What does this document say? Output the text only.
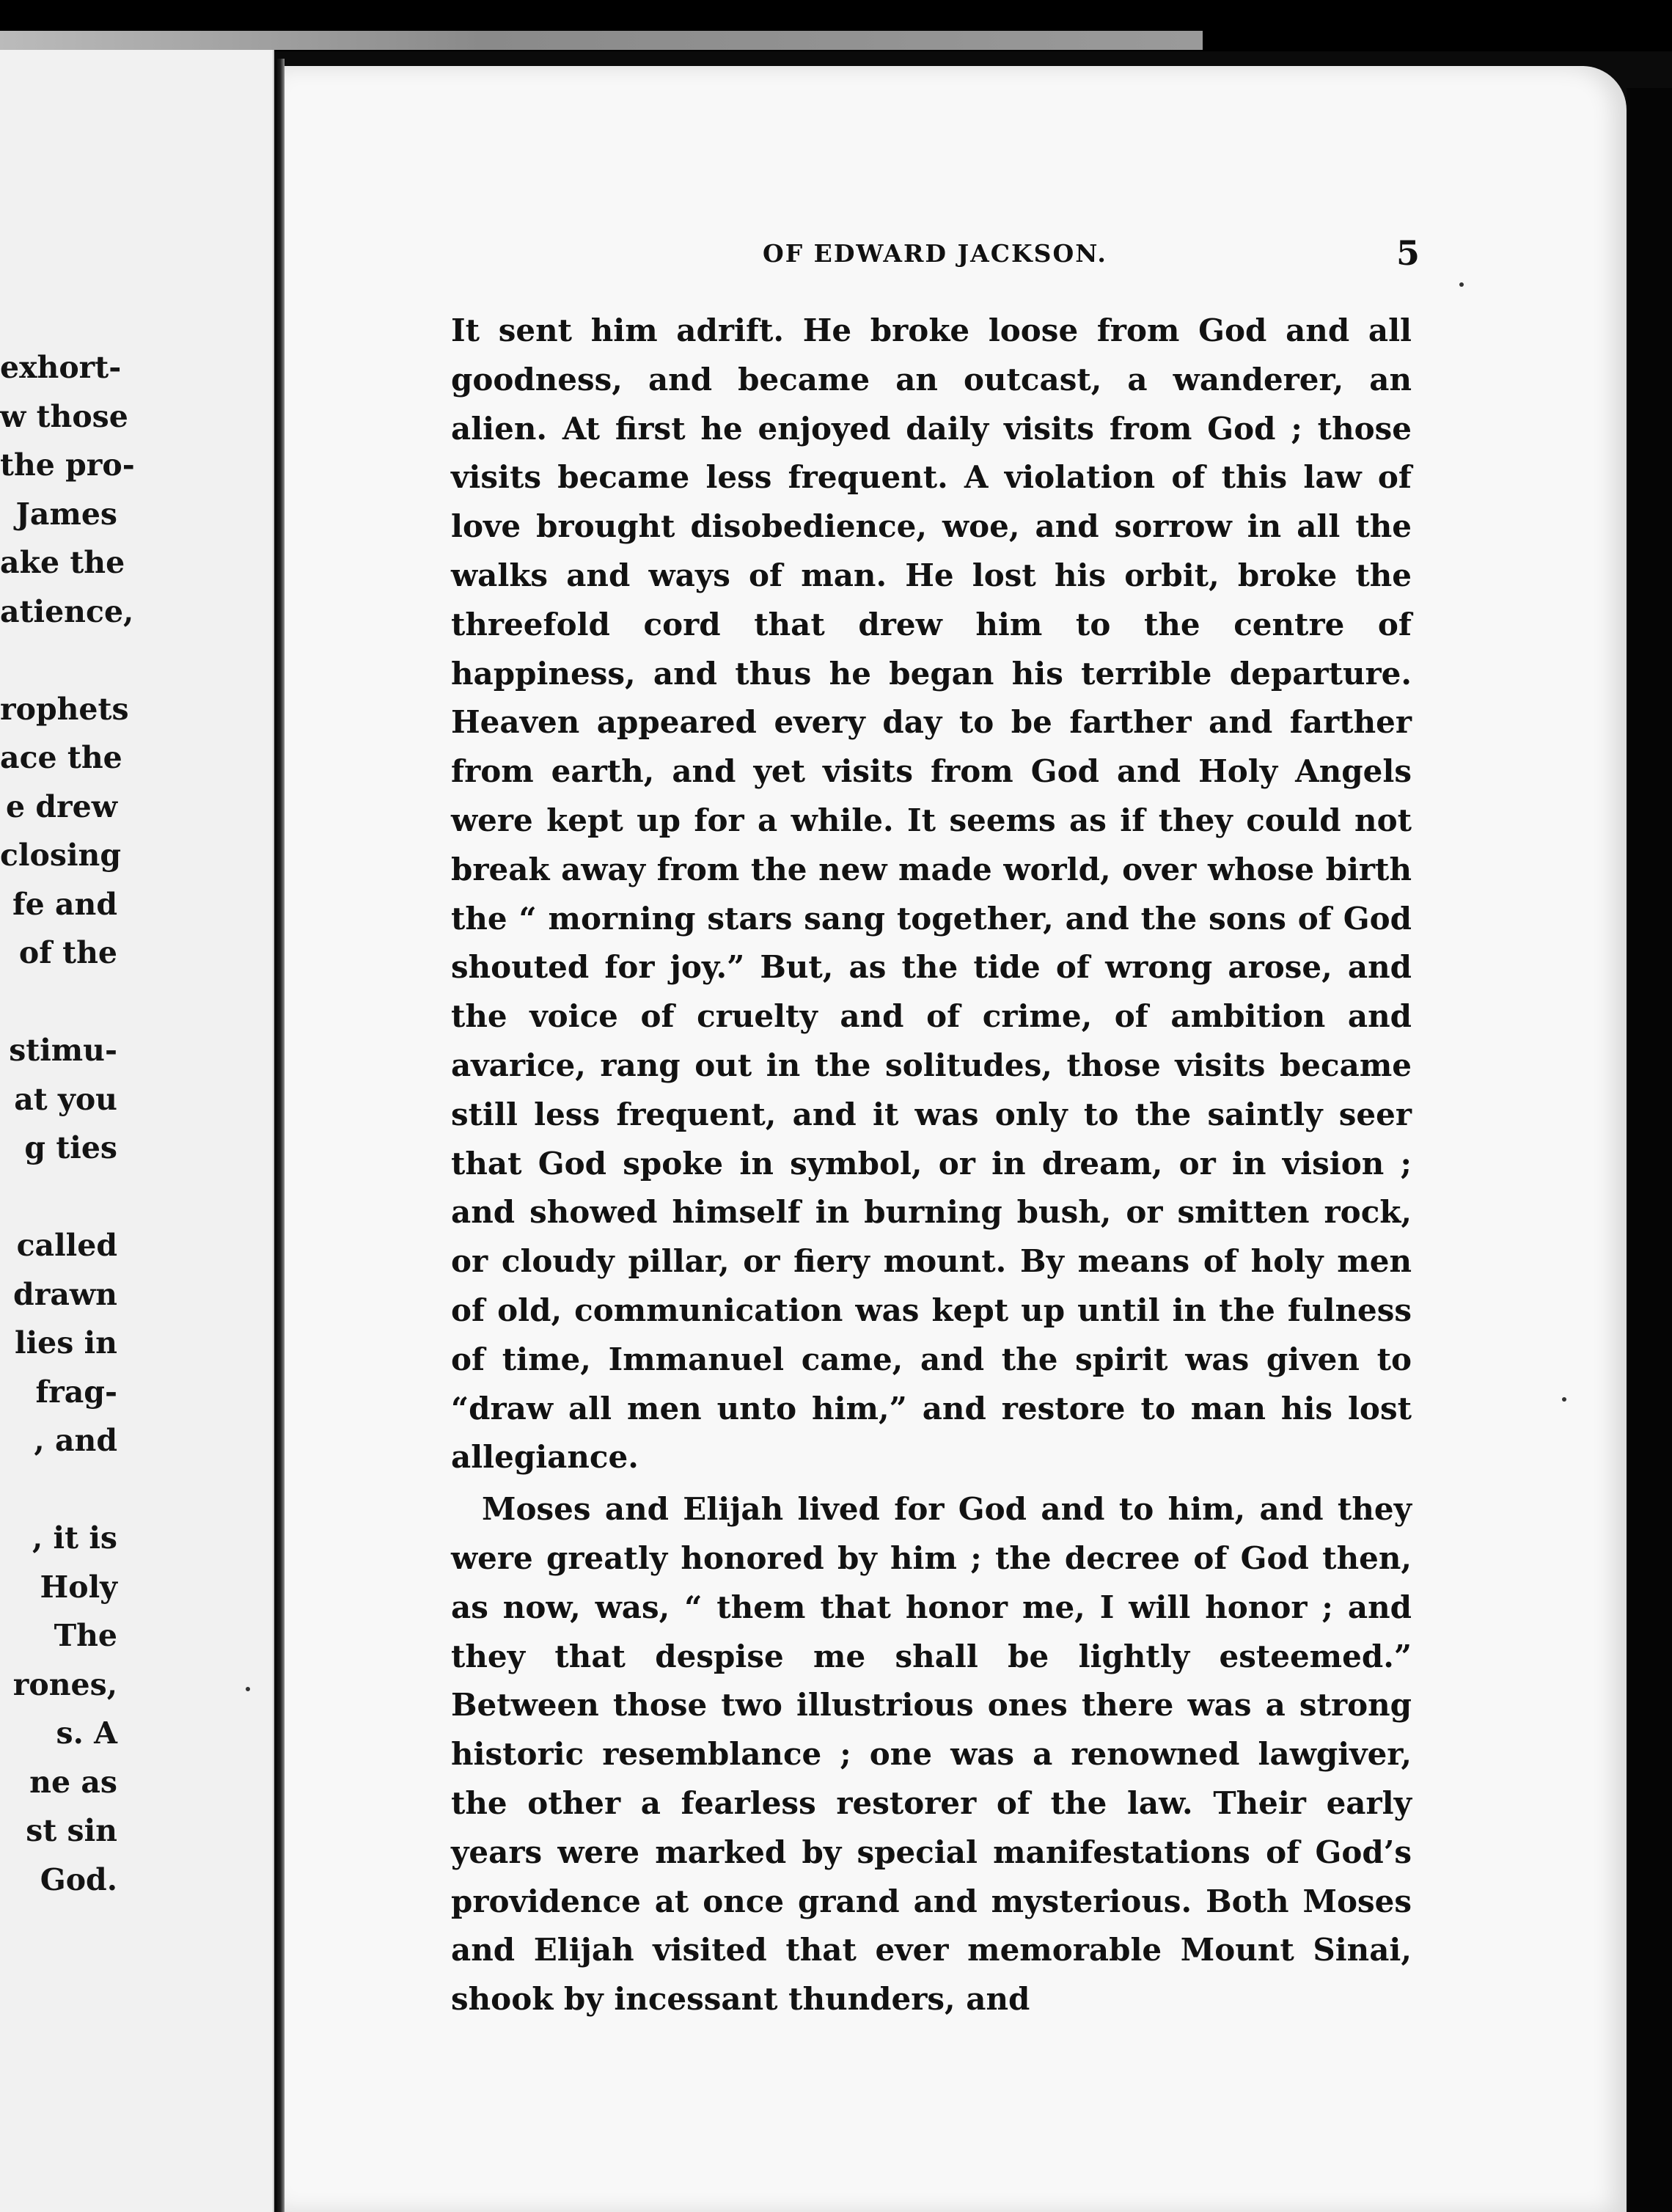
exhort-
w those
the pro-
James
ake the
atience,
rophets
ace the
e drew
closing
fe and
of the
stimu-
at you
g ties
called
drawn
lies in
frag-
, and
, it is
Holy
The
rones,
s. A
ne as
st sin
God.
OF EDWARD JACKSON.	5

It sent him adrift. He broke loose from God and all goodness, and became an outcast, a wanderer, an alien. At first he enjoyed daily visits from God ; those visits became less frequent. A violation of this law of love brought disobedience, woe, and sorrow in all the walks and ways of man. He lost his orbit, broke the threefold cord that drew him to the centre of happiness, and thus he began his terrible departure. Heaven appeared every day to be farther and farther from earth, and yet visits from God and Holy Angels were kept up for a while. It seems as if they could not break away from the new made world, over whose birth the “ morning stars sang together, and the sons of God shouted for joy.” But, as the tide of wrong arose, and the voice of cruelty and of crime, of ambition and avarice, rang out in the solitudes, those visits became still less frequent, and it was only to the saintly seer that God spoke in symbol, or in dream, or in vision ; and showed himself in burning bush, or smitten rock, or cloudy pillar, or fiery mount. By means of holy men of old, communication was kept up until in the fulness of time, Immanuel came, and the spirit was given to “draw all men unto him,” and restore to man his lost allegiance.

Moses and Elijah lived for God and to him, and they were greatly honored by him ; the decree of God then, as now, was, “ them that honor me, I will honor ; and they that despise me shall be lightly esteemed.” Between those two illustrious ones there was a strong historic resemblance ; one was a renowned lawgiver, the other a fearless restorer of the law. Their early years were marked by special manifestations of God’s providence at once grand and mysterious. Both Moses and Elijah visited that ever memorable Mount Sinai, shook by incessant thunders, and
